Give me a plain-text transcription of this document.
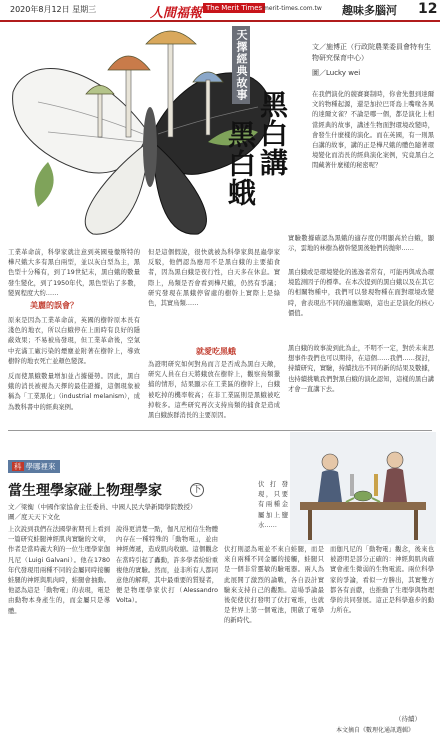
2020年8月12日 星期三	人間福報 The Merit Times merit-times.com.tw 趣味多腦河 12
天擇經典故事
黑白講
黑白蛾
文／施博正（行政院農業委員會特有生物研究保育中心）
圖／Lucky wei
在我們演化的競賽賽制時，你會先想到達爾文的物種起源，還是加拉巴哥島上嘴喙各異的達爾文雀？不論是哪一個，都是演化上相當經典的故事，講述生物面對環境改變時，會發生什麼樣的演化。而在英國，有一則黑白講的故事，講的正是樺尺蛾的體色隨著環境變化而消長的經典演化案例，究竟黑白之間藏著什麼樣的秘密呢？
工業革命前，科學家就注意到英國曼徹斯特的樺尺蛾大多有黑白兩型，並以灰白型為主，黑色型十分稀有，到了19世紀末，黑白蛾的數量發生變化，到了1950年代，黑色型佔了多數，變異程度大約……
美麗的誤會？
原來是因為工業革命前，英國的樹幹原本長有淺色的地衣，所以白蛾停在上面時有良好的隱蔽效果；不易被鳥發現，但工業革命後，空氣中充滿工廠污染的煙塵並附著在樹幹上，導致樹幹的地衣死亡並顏色變深。
反而使黑蛾數量增加並占據優勢。因此，黑白蛾的消長被視為天擇的最佳證據，這個現象被稱為「工業黑化」（industrial melanism），成為教科書中的經典案例。
但是這個假說，很快就被為科學家與昆蟲學家反駁，他們認為應用不是黑白蛾的主要捕食者，因為黑白蛾是夜行性，白天多在休息。實際上，鳥類是否會看到樺尺蛾，仍然有爭議；研究發現在黑蛾停留處的樹幹上實際上是綠色，其實鳥類……
就愛吃黑蛾
為證明研究如何對鳥而言是否成為黑白天敵，研究人員在白天將蛾放在樹幹上，觀察鳥類獵捕的情形，結果顯示在工業區的樹幹上，白蛾被吃掉的機率較高；在非工業區則是黑蛾被吃掉較多。這些研究再次支持鳥類的捕食是造成黑白蛾族群消長的主要原因。
實驗數據確認為黑蛾的適存度仍明顯高於白蛾，顯示，雲地的林樹為樹幹變黑後牠們的拋卵……
黑白蛾或是環境變化的逃逸者常有，可能再與成為環境監測因子的標準。在本次提到的黑白蛾以及在其它的相關物種中，我們可以發現物種在面對環境改變時，會表現出不同的適應策略，這也正是演化的核心價值。
黑白蛾的故事說到此為止，不明不一定，對於未來思想事件我們也可以期待，在這個……我們……探討，持續研究，實驗，持續找出不同的新的結果及數據，也持續挑戰我們對黑白蛾的演化認知，這樣的黑白講才會一直講下去。
科 學哪裡來
當生理學家碰上物理學家	下
文／梁衡（中國作家協會主任委員、中國人民大學新聞學院教授）
圖／度天天下文化
上次說到我們在法國學術期刊上看到一篇研究蛙腿神經肌肉實驗的文章，作者是當時義大利的一位生理學家伽凡尼（Luigi Galvani）。他在1780年代發現用兩種不同的金屬同時接觸蛙腿的神經與肌肉時，蛙腿會抽動。他認為這是「動物電」的表現，電是由動物本身產生的，而金屬只是導體。
說得更清楚一點，伽凡尼相信生物體內存在一種特殊的「動物電」，並由神經傳遞，造成肌肉收縮。這個觀念在當時引起了轟動，許多學者紛紛重複他的實驗。然而，並非所有人都同意他的解釋，其中最重要的質疑者，便是物理學家伏打（Alessandro Volta）。
伏打發現，只要有兩種金屬加上鹽水……
伏打則認為電並不來自蛙腿，而是來自兩種不同金屬的接觸，蛙腿只是一個非常靈敏的驗電器。兩人為此展開了激烈的論戰，各自設計實驗來支持自己的觀點。這場爭論最後促使伏打發明了伏打電堆，也就是世界上第一個電池，開啟了電學的新時代。
而伽凡尼的「動物電」觀念，後來也被證明是部分正確的：神經與肌肉確實會產生微弱的生物電流。兩位科學家的爭論，看似一方勝出，其實雙方都各有貢獻，也推動了生理學與物理學的共同發展。這正是科學進步的動力所在。
（待續）
本文摘自《數理化通訊選輯》
